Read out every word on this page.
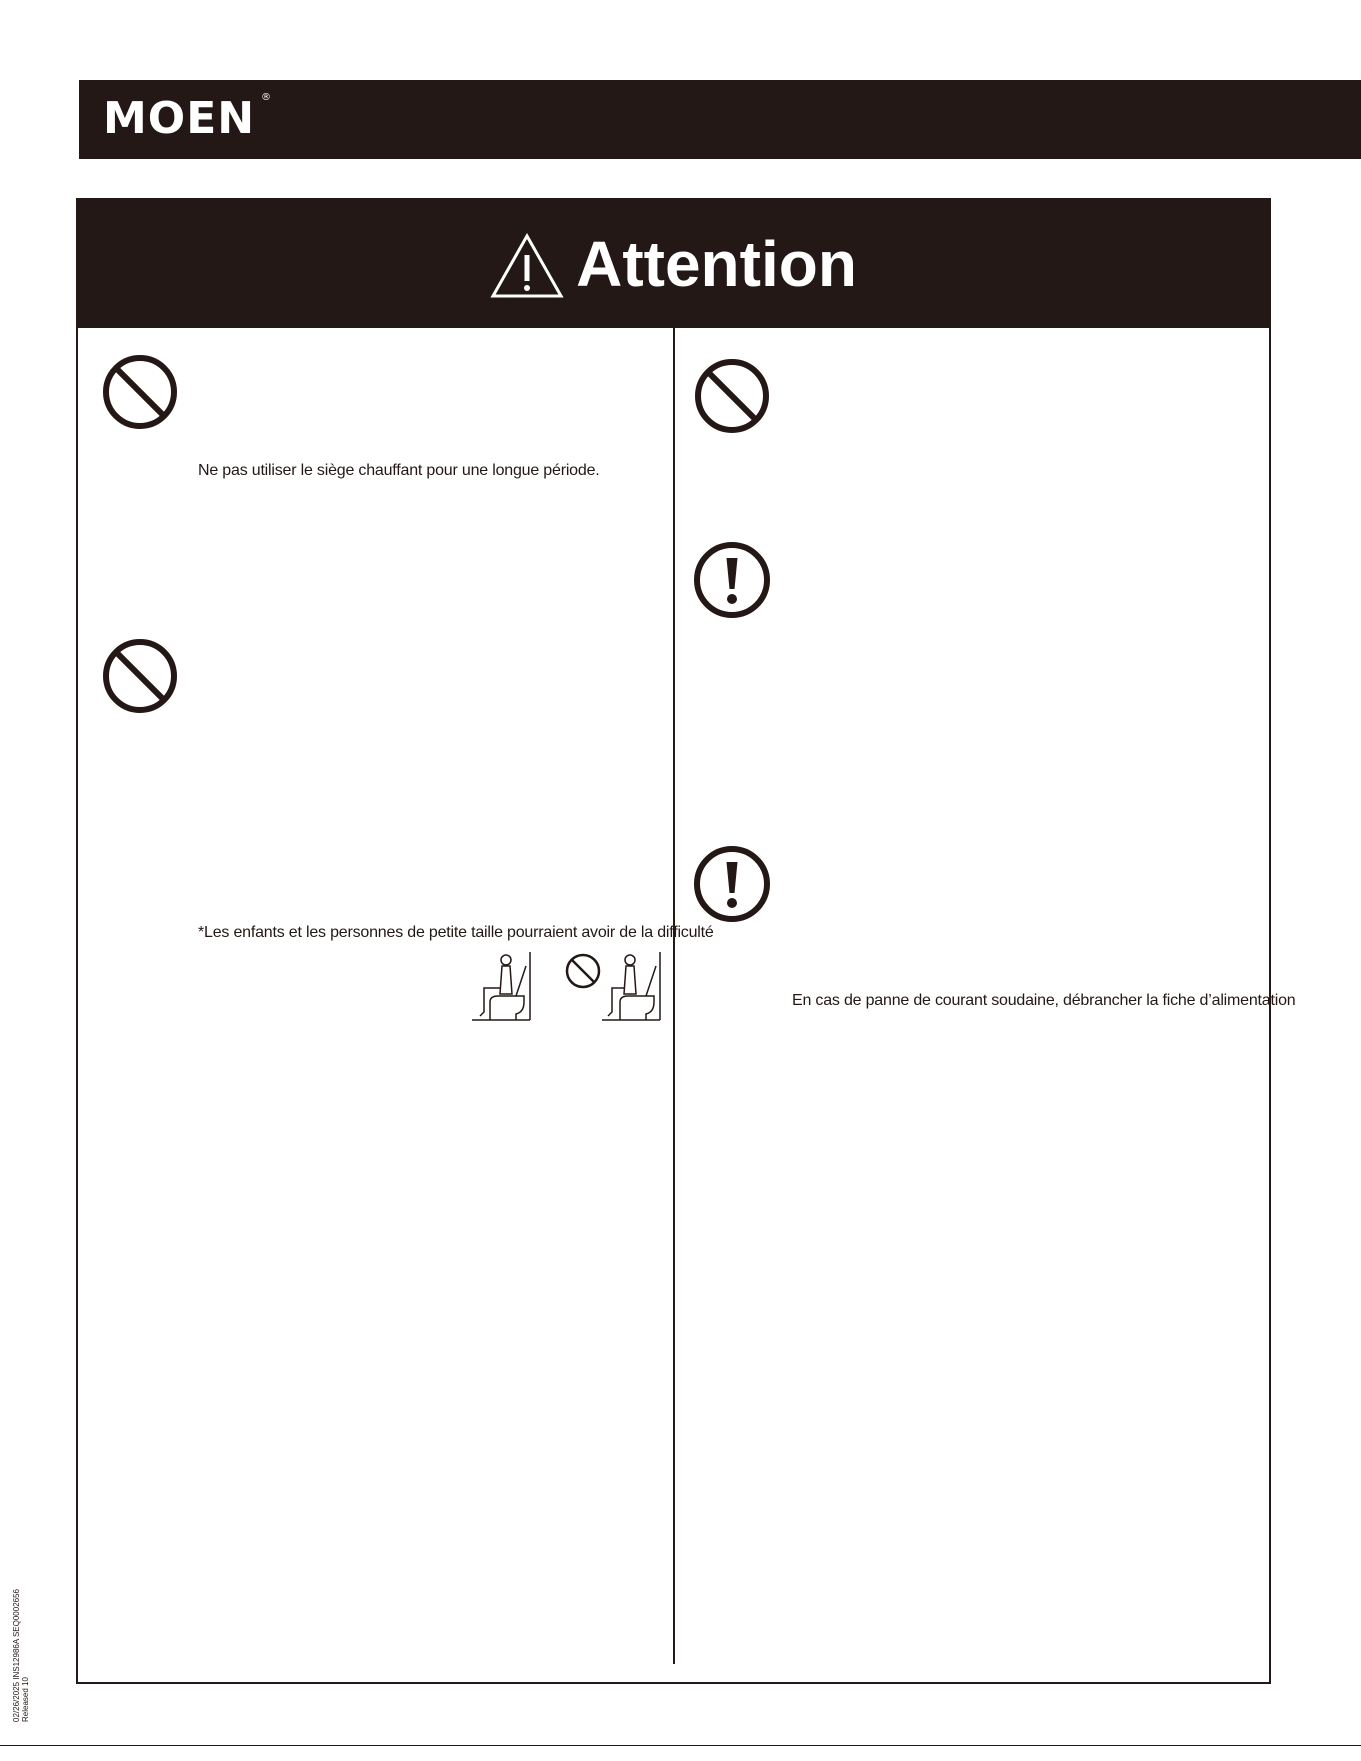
MOEN ®
Attention
Ne pas utiliser le siège chauffant pour une longue période.
*Les enfants et les personnes de petite taille pourraient avoir de la difficulté
En cas de panne de courant soudaine, débrancher la fiche d’alimentation
02/26/2025 INS12986A SEQ0002656 Released 10
